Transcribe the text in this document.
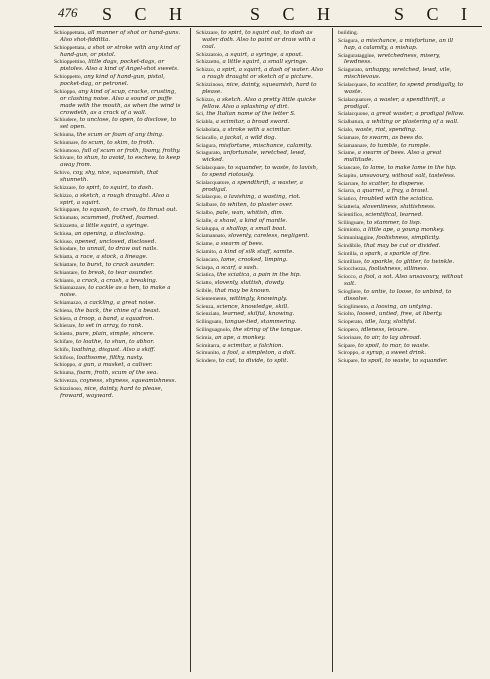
476 S C H	S C H	S C I
Schioppettata, all manner of shot or hand-guns. Also shot-fidditta.
Schioppettata, a shot or stroke with any kind of hand-gun, or pistol.
Schioppettino, little dags, pocket-dags, or pistoles. Also a kind of Angel-shot sweets.
Schioppetto, any kind of hand-gun, pistol, pocket-dag, or petronel.
Schioppo, any kind of scup, cracke, crusting, or clashing noise. Also a sound or puffe made with the mouth, as when the wind is crowdeth, as a crack of a wall.
Schiudere, to unclose, to open, to disclose, to set open.
Schiuma, the scum or foam of any thing.
Schiumare, to scum, to skim, to froth.
Schiumoso, full of scum or froth, foamy, frothy.
Schivare, to shun, to avoid, to eschew, to keep away from.
Schivo, coy, shy, nice, squeamish, that shunneth.
Schizzare, to spirt, to squirt, to dash.
Schizzo, a sketch, a rough draught. Also a spirt, a squirt.
Schiuppare, to squash, to crush, to thrust out.
Schiumato, scummed, frothed, foamed.
Schizzetto, a little squirt, a syringe.
Schiusa, an opening, a disclosing.
Schiuso, opened, unclosed, disclosed.
Schiodare, to unnail, to draw out nails.
Schiatta, a race, a stock, a lineage.
Schiattare, to burst, to crack asunder.
Schiantare, to break, to tear asunder.
Schianto, a crack, a crash, a breaking.
Schiamazzare, to cackle as a hen, to make a noise.
Schiamazzo, a cackling, a great noise.
Schiena, the back, the chine of a beast.
Schiera, a troop, a band, a squadron.
Schierare, to set in array, to rank.
Schietto, pure, plain, simple, sincere.
Schifare, to loathe, to shun, to abhor.
Schifo, loathing, disgust. Also a skiff.
Schifoso, loathsome, filthy, nasty.
Schioppo, a gun, a musket, a caliver.
Schiuma, foam, froth, scum of the sea.
Schivezza, coyness, shyness, squeamishness.
Schizzinoso, nice, dainty, hard to please, froward, wayward.
Schizzare, to spirt, to squirt out, to dash as water doth. Also to paint or draw with a coal.
Schizzatoio, a squirt, a syringe, a spout.
Schizzetto, a little squirt, a small syringe.
Schizzo, a spirt, a squirt, a dash of water. Also a rough draught or sketch of a picture.
Schizzinoso, nice, dainty, squeamish, hard to please.
Schizzo, a sketch. Also a pretty little quicke fellow. Also a splashing of dirt.
Sci, the Italian name of the letter S.
Sciabla, a scimitar, a broad sword.
Sciabolata, a stroke with a scimitar.
Sciacallo, a jackal, a wild dog.
Sciagura, misfortune, mischance, calamity.
Sciagurato, unfortunate, wretched, lewd, wicked.
Scialacquare, to squander, to waste, to lavish, to spend riotously.
Scialacquatore, a spendthrift, a waster, a prodigal.
Scialacquo, a lavishing, a wasting, riot.
Scialbare, to whiten, to plaster over.
Scialbo, pale, wan, whitish, dim.
Scialle, a shawl, a kind of mantle.
Scialuppa, a shallop, a small boat.
Sciamannato, slovenly, careless, negligent.
Sciame, a swarm of bees.
Sciamito, a kind of silk stuff, samite.
Sciancato, lame, crooked, limping.
Sciarpa, a scarf, a sash.
Sciatica, the sciatica, a pain in the hip.
Sciatto, slovenly, sluttish, dowdy.
Scibile, that may be known.
Scientemente, wittingly, knowingly.
Scienza, science, knowledge, skill.
Scienziato, learned, skilful, knowing.
Scilinguato, tongue-tied, stammering.
Scilinguagnolo, the string of the tongue.
Scimia, an ape, a monkey.
Scimitarra, a scimitar, a falchion.
Scimunito, a fool, a simpleton, a dolt.
Scindere, to cut, to divide, to split.
building.
Sciagura, a mischance, a misfortune, an ill hap, a calamity, a mishap.
Sciagurataggine, wretchedness, misery, lewdness.
Sciagurato, unhappy, wretched, lewd, vile, mischievous.
Scialacquare, to scatter, to spend prodigally, to waste.
Scialacquatore, a waster, a spendthrift, a prodigal.
Scialacquone, a great waster, a prodigal fellow.
Scialbatura, a whiting or plastering of a wall.
Scialo, waste, riot, spending.
Sciamare, to swarm, as bees do.
Sciamannare, to tumble, to rumple.
Sciame, a swarm of bees. Also a great multitude.
Sciancare, to lame, to make lame in the hip.
Sciapito, unsavoury, without salt, tasteless.
Sciarrare, to scatter, to disperse.
Sciarra, a quarrel, a fray, a brawl.
Sciatico, troubled with the sciatica.
Sciatteria, slovenliness, sluttishness.
Scientifico, scientifical, learned.
Scilinguare, to stammer, to lisp.
Scimiotto, a little ape, a young monkey.
Scimunitaggine, foolishness, simplicity.
Scindibile, that may be cut or divided.
Scintilla, a spark, a sparkle of fire.
Scintillare, to sparkle, to glitter, to twinkle.
Sciocchezza, foolishness, silliness.
Sciocco, a fool, a sot. Also unsavoury, without salt.
Sciogliere, to untie, to loose, to unbind, to dissolve.
Scioglimento, a loosing, an untying.
Sciolto, loosed, untied, free, at liberty.
Scioperato, idle, lazy, slothful.
Sciopero, idleness, leisure.
Sciorinare, to air, to lay abroad.
Scipare, to spoil, to mar, to waste.
Sciroppo, a syrup, a sweet drink.
Sciupare, to spoil, to waste, to squander.
